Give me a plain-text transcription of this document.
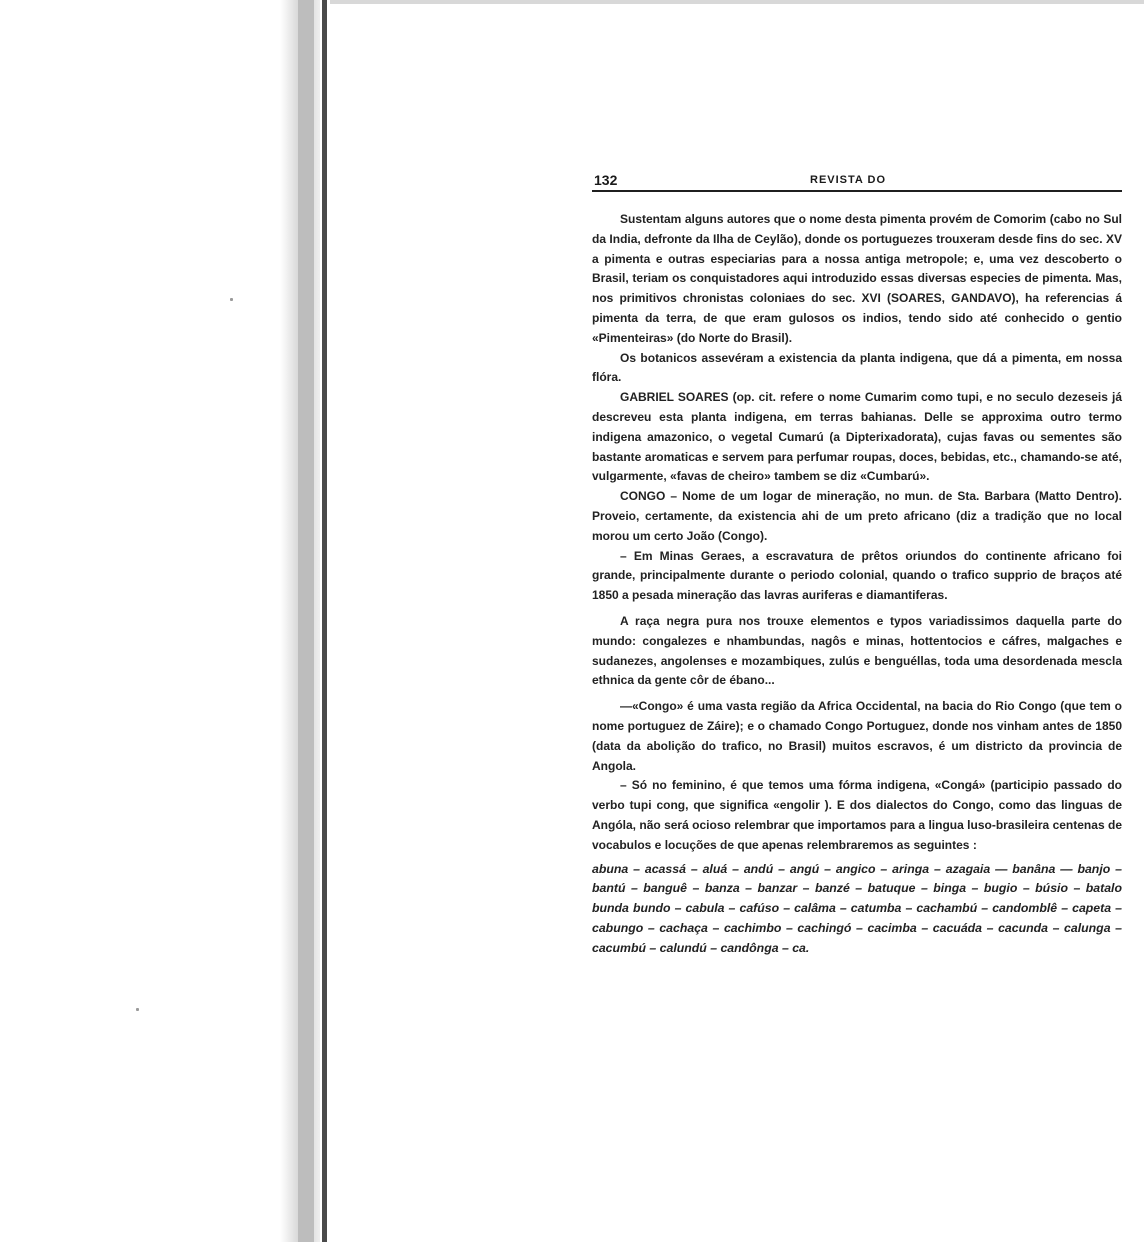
132	REVISTA DO

Sustentam alguns autores que o nome desta pimenta provém de Comorim (cabo no Sul da India, defronte da Ilha de Ceylão), donde os portuguezes trouxeram desde fins do sec. XV a pimenta e outras especiarias para a nossa antiga metropole; e, uma vez descoberto o Brasil, teriam os conquistadores aqui introduzido essas diversas especies de pimenta. Mas, nos primitivos chronistas coloniaes do sec. XVI (SOARES, GANDAVO), ha referencias á pimenta da terra, de que eram gulosos os indios, tendo sido até conhecido o gentio «Pimenteiras» (do Norte do Brasil).

Os botanicos assevéram a existencia da planta indigena, que dá a pimenta, em nossa flóra.

GABRIEL SOARES (op. cit. refere o nome Cumarim como tupi, e no seculo dezeseis já descreveu esta planta indigena, em terras bahianas. Delle se approxima outro termo indigena amazonico, o vegetal Cumarú (a Dipterixadorata), cujas favas ou sementes são bastante aromaticas e servem para perfumar roupas, doces, bebidas, etc., chamando-se até, vulgarmente, «favas de cheiro» tambem se diz «Cumbarú».

CONGO – Nome de um logar de mineração, no mun. de Sta. Barbara (Matto Dentro). Proveio, certamente, da existencia ahi de um preto africano (diz a tradição que no local morou um certo João (Congo).

– Em Minas Geraes, a escravatura de prêtos oriundos do continente africano foi grande, principalmente durante o periodo colonial, quando o trafico supprio de braços até 1850 a pesada mineração das lavras auriferas e diamantiferas.

A raça negra pura nos trouxe elementos e typos variadissimos daquella parte do mundo: congalezes e nhambundas, nagôs e minas, hottentocios e cáfres, malgaches e sudanezes, angolenses e mozambiques, zulús e benguéllas, toda uma desordenada mescla ethnica da gente côr de ébano...

—«Congo» é uma vasta região da Africa Occidental, na bacia do Rio Congo (que tem o nome portuguez de Záire); e o chamado Congo Portuguez, donde nos vinham antes de 1850 (data da abolição do trafico, no Brasil) muitos escravos, é um districto da provincia de Angola.

– Só no feminino, é que temos uma fórma indigena, «Congá» (participio passado do verbo tupi cong, que significa «engolir ). E dos dialectos do Congo, como das linguas de Angóla, não será ocioso relembrar que importamos para a lingua luso-brasileira centenas de vocabulos e locuções de que apenas relembraremos as seguintes :

abuna – acassá – aluá – andú – angú – angico – aringa – azagaia — banâna — banjo – bantú – banguê – banza – banzar – banzé – batuque – binga – bugio – búsio – batalo bunda bundo – cabula – cafúso – calâma – catumba – cachambú – candomblê – capeta – cabungo – cachaça – cachimbo – cachingó – cacimba – cacuáda – cacunda – calunga – cacumbú – calundú – candônga – ca.
